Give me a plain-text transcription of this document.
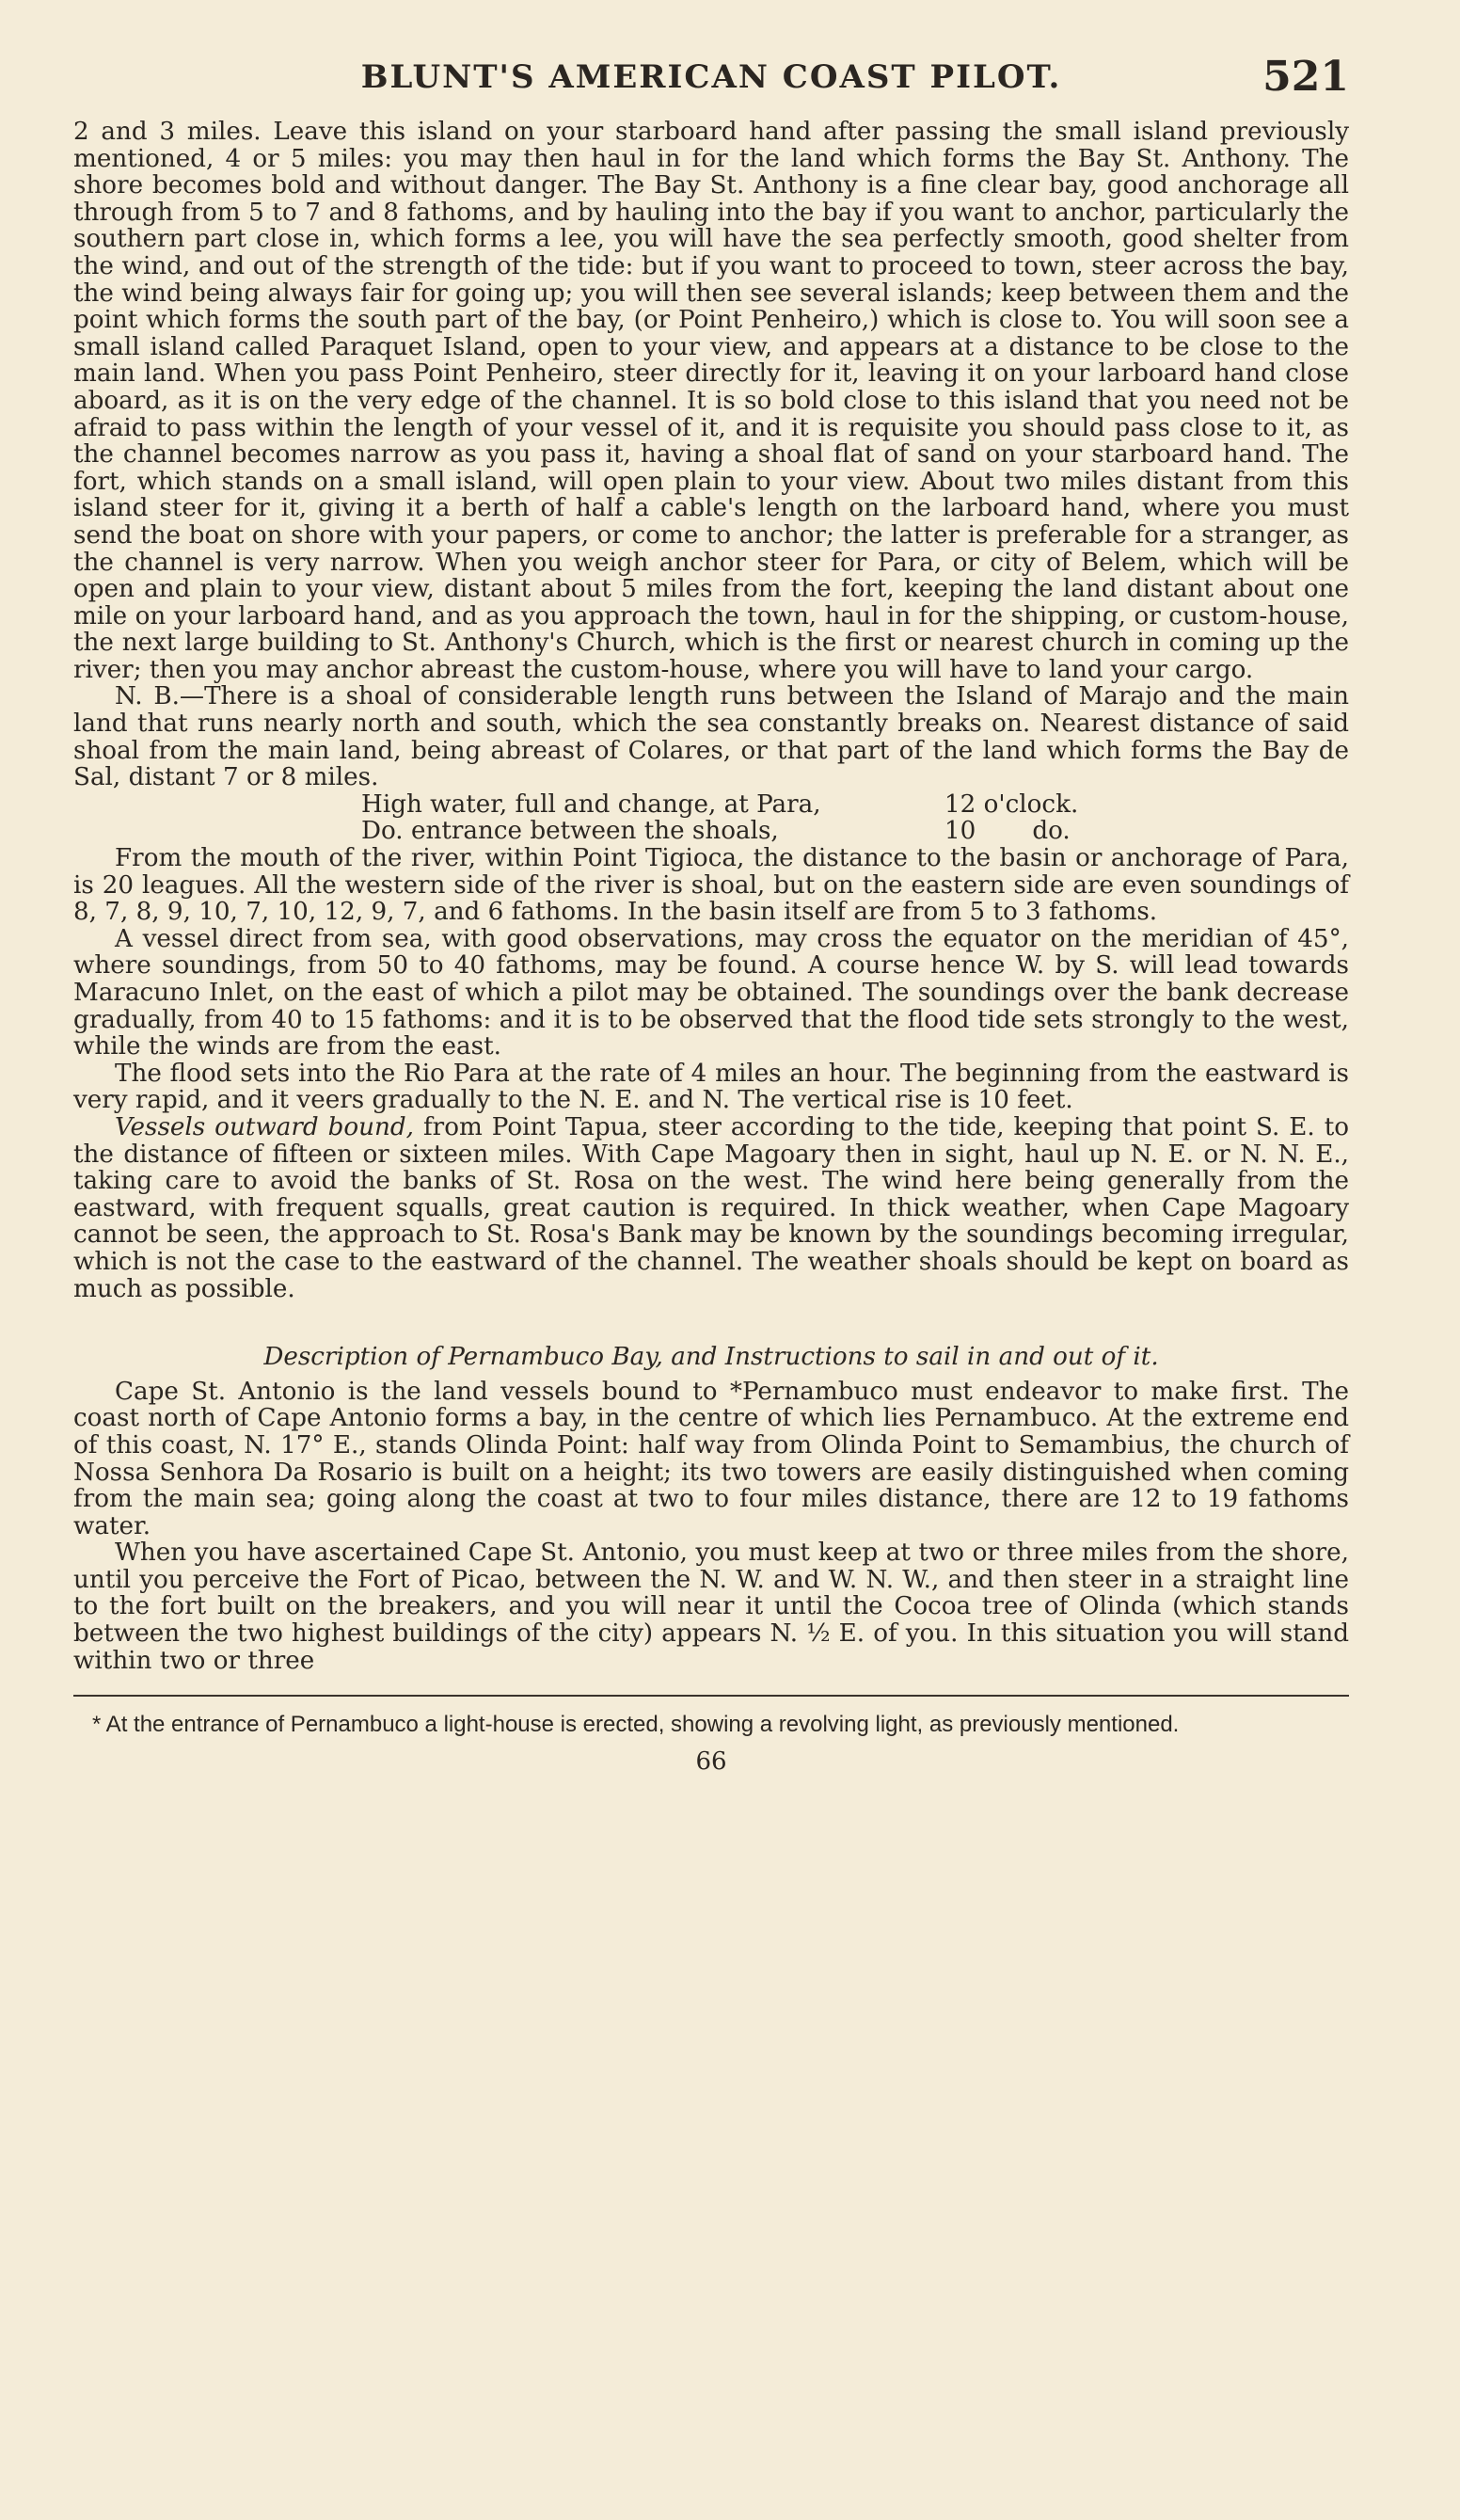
BLUNT'S AMERICAN COAST PILOT.	521

2 and 3 miles. Leave this island on your starboard hand after passing the small island previously mentioned, 4 or 5 miles: you may then haul in for the land which forms the Bay St. Anthony. The shore becomes bold and without danger. The Bay St. Anthony is a fine clear bay, good anchorage all through from 5 to 7 and 8 fathoms, and by hauling into the bay if you want to anchor, particularly the southern part close in, which forms a lee, you will have the sea perfectly smooth, good shelter from the wind, and out of the strength of the tide: but if you want to proceed to town, steer across the bay, the wind being always fair for going up; you will then see several islands; keep between them and the point which forms the south part of the bay, (or Point Penheiro,) which is close to. You will soon see a small island called Paraquet Island, open to your view, and appears at a distance to be close to the main land. When you pass Point Penheiro, steer directly for it, leaving it on your larboard hand close aboard, as it is on the very edge of the channel. It is so bold close to this island that you need not be afraid to pass within the length of your vessel of it, and it is requisite you should pass close to it, as the channel becomes narrow as you pass it, having a shoal flat of sand on your starboard hand. The fort, which stands on a small island, will open plain to your view. About two miles distant from this island steer for it, giving it a berth of half a cable's length on the larboard hand, where you must send the boat on shore with your papers, or come to anchor; the latter is preferable for a stranger, as the channel is very narrow. When you weigh anchor steer for Para, or city of Belem, which will be open and plain to your view, distant about 5 miles from the fort, keeping the land distant about one mile on your larboard hand, and as you approach the town, haul in for the shipping, or custom-house, the next large building to St. Anthony's Church, which is the first or nearest church in coming up the river; then you may anchor abreast the custom-house, where you will have to land your cargo.

N. B.—There is a shoal of considerable length runs between the Island of Marajo and the main land that runs nearly north and south, which the sea constantly breaks on. Nearest distance of said shoal from the main land, being abreast of Colares, or that part of the land which forms the Bay de Sal, distant 7 or 8 miles.

High water, full and change, at Para,	12 o'clock.
Do. entrance between the shoals,	10 do.

From the mouth of the river, within Point Tigioca, the distance to the basin or anchorage of Para, is 20 leagues. All the western side of the river is shoal, but on the eastern side are even soundings of 8, 7, 8, 9, 10, 7, 10, 12, 9, 7, and 6 fathoms. In the basin itself are from 5 to 3 fathoms.

A vessel direct from sea, with good observations, may cross the equator on the meridian of 45°, where soundings, from 50 to 40 fathoms, may be found. A course hence W. by S. will lead towards Maracuno Inlet, on the east of which a pilot may be obtained. The soundings over the bank decrease gradually, from 40 to 15 fathoms: and it is to be observed that the flood tide sets strongly to the west, while the winds are from the east.

The flood sets into the Rio Para at the rate of 4 miles an hour. The beginning from the eastward is very rapid, and it veers gradually to the N. E. and N. The vertical rise is 10 feet.

Vessels outward bound, from Point Tapua, steer according to the tide, keeping that point S. E. to the distance of fifteen or sixteen miles. With Cape Magoary then in sight, haul up N. E. or N. N. E., taking care to avoid the banks of St. Rosa on the west. The wind here being generally from the eastward, with frequent squalls, great caution is required. In thick weather, when Cape Magoary cannot be seen, the approach to St. Rosa's Bank may be known by the soundings becoming irregular, which is not the case to the eastward of the channel. The weather shoals should be kept on board as much as possible.

Description of Pernambuco Bay, and Instructions to sail in and out of it.

Cape St. Antonio is the land vessels bound to *Pernambuco must endeavor to make first. The coast north of Cape Antonio forms a bay, in the centre of which lies Pernambuco. At the extreme end of this coast, N. 17° E., stands Olinda Point: half way from Olinda Point to Semambius, the church of Nossa Senhora Da Rosario is built on a height; its two towers are easily distinguished when coming from the main sea; going along the coast at two to four miles distance, there are 12 to 19 fathoms water.

When you have ascertained Cape St. Antonio, you must keep at two or three miles from the shore, until you perceive the Fort of Picao, between the N. W. and W. N. W., and then steer in a straight line to the fort built on the breakers, and you will near it until the Cocoa tree of Olinda (which stands between the two highest buildings of the city) appears N. ½ E. of you. In this situation you will stand within two or three

* At the entrance of Pernambuco a light-house is erected, showing a revolving light, as previously mentioned.
66
